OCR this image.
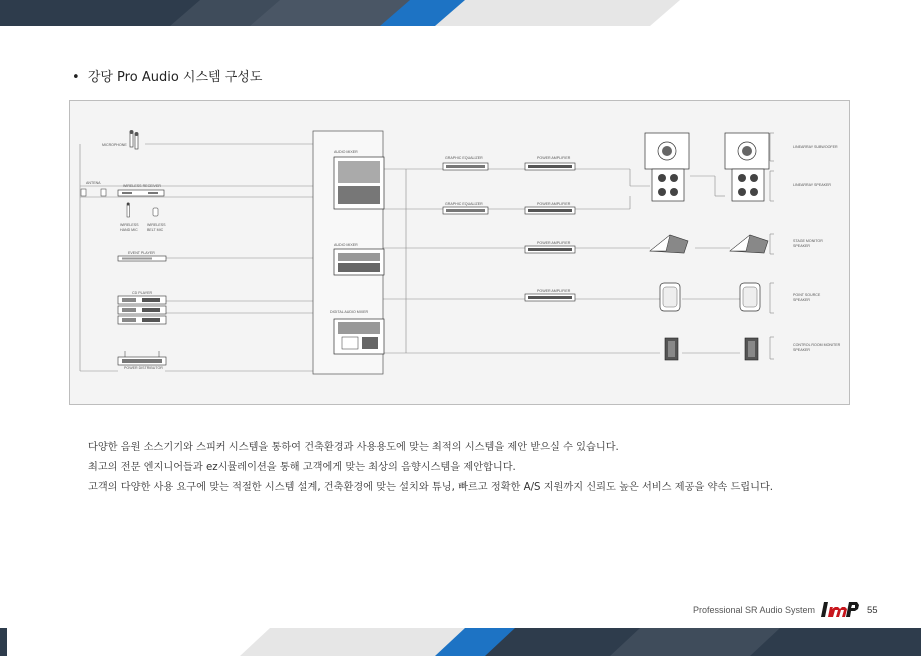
• 강당 Pro Audio 시스템 구성도
MICROPHONE
ANTENA
WIRELESS RECEIVER
WIRELESS
HAND MIC
WIRELESS
BELT MIC
EVENT PLAYER
CD PLAYER
POWER DISTRIBUTOR
AUDIO MIXER
AUDIO MIXER
DIGITAL AUDIO MIXER
GRAPHIC EQUALIZER
GRAPHIC EQUALIZER
POWER AMPLIFIER
POWER AMPLIFIER
POWER AMPLIFIER
POWER AMPLIFIER
LINEARRAY SUBWOOFER
LINEARRAY SPEAKER
STAGE MONITOR
SPEAKER
POINT SOURCE
SPEAKER
CONTROL ROOM MONITER
SPEAKER
다양한 음원 소스기기와 스피커 시스템을 통하여 건축환경과 사용용도에 맞는 최적의 시스템을 제안 받으실 수 있습니다.
최고의 전문 엔지니어들과 ez시뮬레이션을 통해 고객에게 맞는 최상의 음향시스템을 제안합니다.
고객의 다양한 사용 요구에 맞는 적절한 시스템 설계, 건축환경에 맞는 설치와 튜닝, 빠르고 정확한 A/S 지원까지 신뢰도 높은 서비스 제공을 약속 드립니다.
Professional SR Audio System	55
